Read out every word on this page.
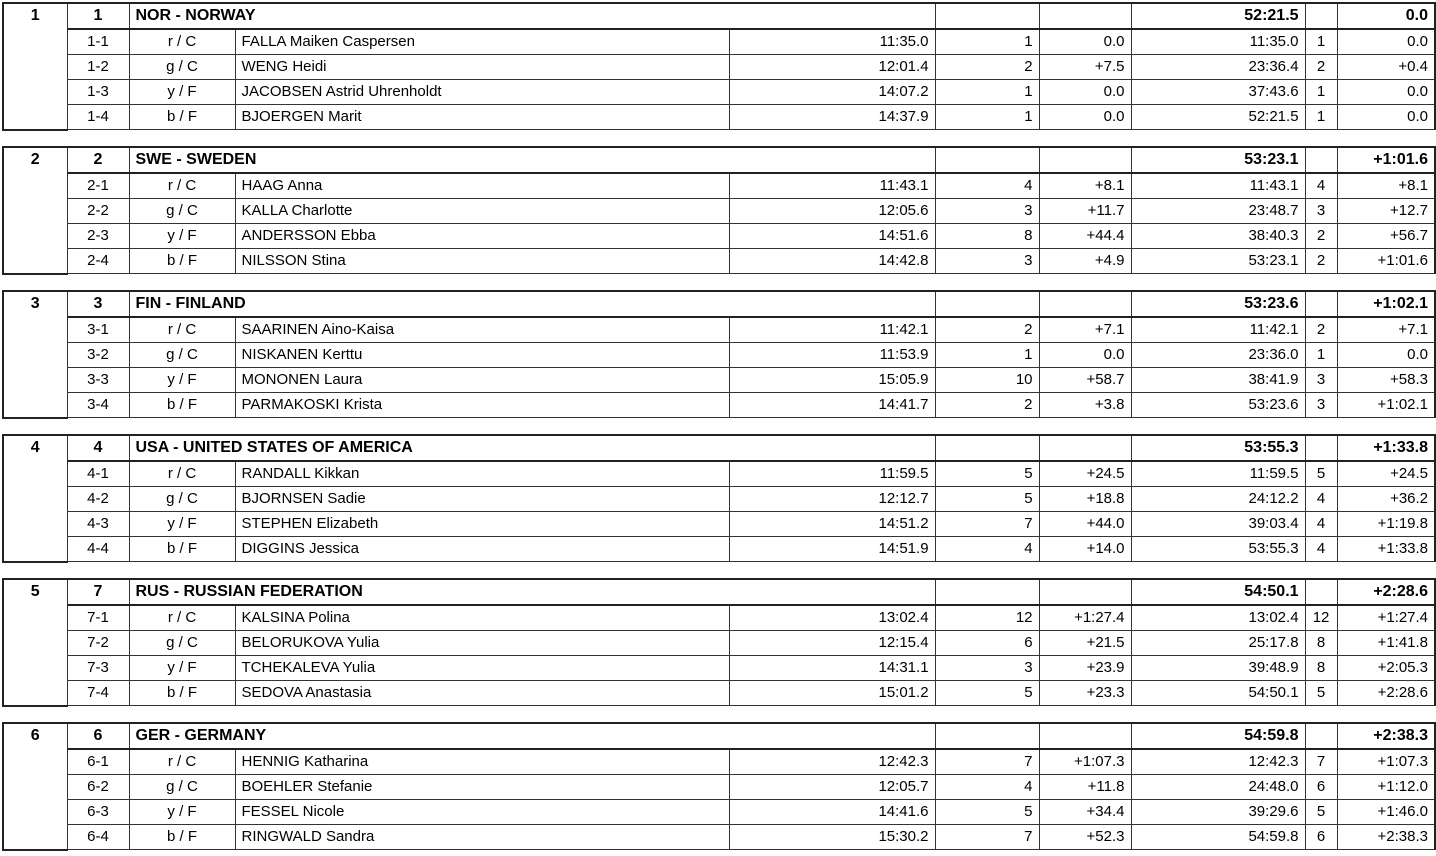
1	1	NOR - NORWAY					52:21.5		0.0
	1-1	r / C	FALLA Maiken Caspersen	11:35.0	1	0.0	11:35.0	1	0.0
	1-2	g / C	WENG Heidi	12:01.4	2	+7.5	23:36.4	2	+0.4
	1-3	y / F	JACOBSEN Astrid Uhrenholdt	14:07.2	1	0.0	37:43.6	1	0.0
	1-4	b / F	BJOERGEN Marit	14:37.9	1	0.0	52:21.5	1	0.0
2	2	SWE - SWEDEN					53:23.1		+1:01.6
	2-1	r / C	HAAG Anna	11:43.1	4	+8.1	11:43.1	4	+8.1
	2-2	g / C	KALLA Charlotte	12:05.6	3	+11.7	23:48.7	3	+12.7
	2-3	y / F	ANDERSSON Ebba	14:51.6	8	+44.4	38:40.3	2	+56.7
	2-4	b / F	NILSSON Stina	14:42.8	3	+4.9	53:23.1	2	+1:01.6
3	3	FIN - FINLAND					53:23.6		+1:02.1
	3-1	r / C	SAARINEN Aino-Kaisa	11:42.1	2	+7.1	11:42.1	2	+7.1
	3-2	g / C	NISKANEN Kerttu	11:53.9	1	0.0	23:36.0	1	0.0
	3-3	y / F	MONONEN Laura	15:05.9	10	+58.7	38:41.9	3	+58.3
	3-4	b / F	PARMAKOSKI Krista	14:41.7	2	+3.8	53:23.6	3	+1:02.1
4	4	USA - UNITED STATES OF AMERICA					53:55.3		+1:33.8
	4-1	r / C	RANDALL Kikkan	11:59.5	5	+24.5	11:59.5	5	+24.5
	4-2	g / C	BJORNSEN Sadie	12:12.7	5	+18.8	24:12.2	4	+36.2
	4-3	y / F	STEPHEN Elizabeth	14:51.2	7	+44.0	39:03.4	4	+1:19.8
	4-4	b / F	DIGGINS Jessica	14:51.9	4	+14.0	53:55.3	4	+1:33.8
5	7	RUS - RUSSIAN FEDERATION					54:50.1		+2:28.6
	7-1	r / C	KALSINA Polina	13:02.4	12	+1:27.4	13:02.4	12	+1:27.4
	7-2	g / C	BELORUKOVA Yulia	12:15.4	6	+21.5	25:17.8	8	+1:41.8
	7-3	y / F	TCHEKALEVA Yulia	14:31.1	3	+23.9	39:48.9	8	+2:05.3
	7-4	b / F	SEDOVA Anastasia	15:01.2	5	+23.3	54:50.1	5	+2:28.6
6	6	GER - GERMANY					54:59.8		+2:38.3
	6-1	r / C	HENNIG Katharina	12:42.3	7	+1:07.3	12:42.3	7	+1:07.3
	6-2	g / C	BOEHLER Stefanie	12:05.7	4	+11.8	24:48.0	6	+1:12.0
	6-3	y / F	FESSEL Nicole	14:41.6	5	+34.4	39:29.6	5	+1:46.0
	6-4	b / F	RINGWALD Sandra	15:30.2	7	+52.3	54:59.8	6	+2:38.3
